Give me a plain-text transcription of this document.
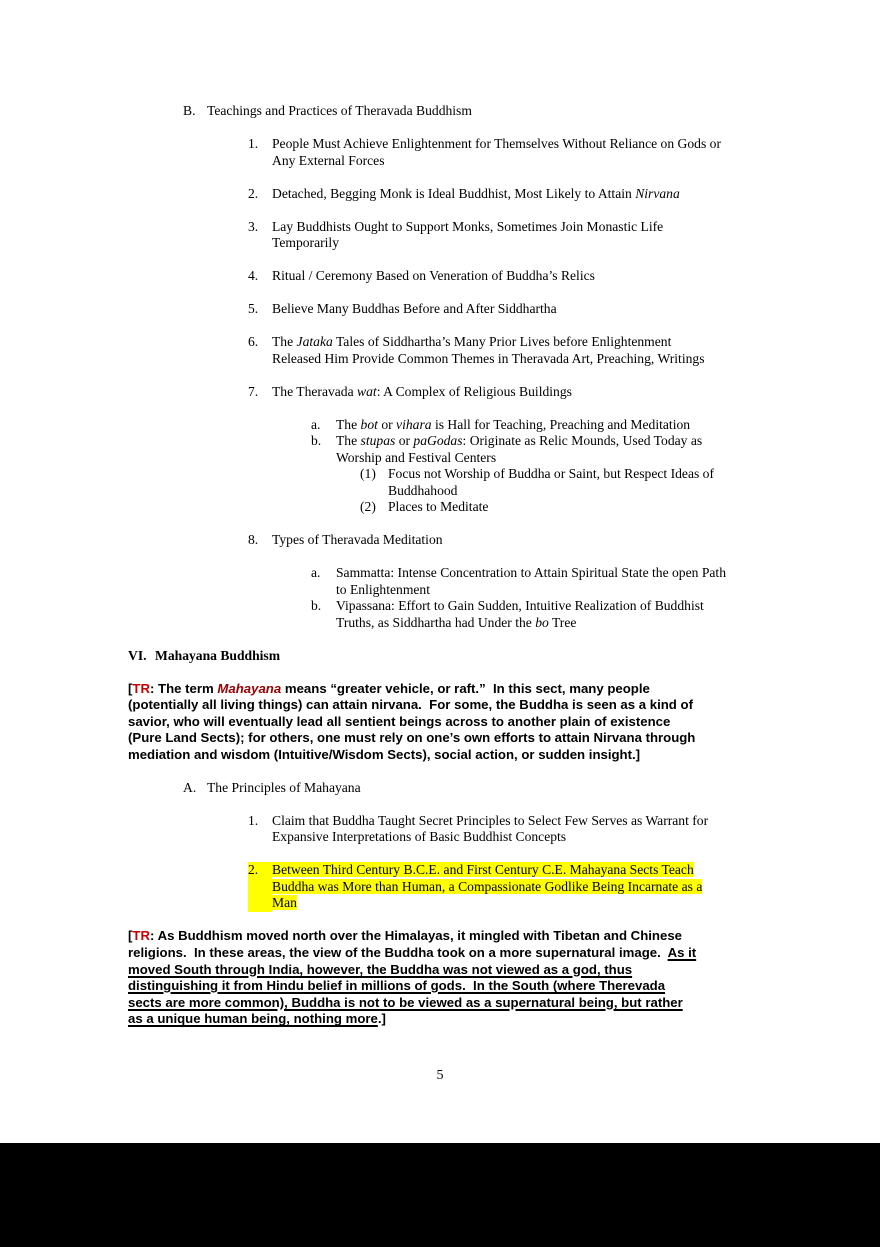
B. Teachings and Practices of Theravada Buddhism
1.	People Must Achieve Enlightenment for Themselves Without Reliance on Gods or
Any External Forces
2.	Detached, Begging Monk is Ideal Buddhist, Most Likely to Attain Nirvana
3.	Lay Buddhists Ought to Support Monks, Sometimes Join Monastic Life
Temporarily
4.	Ritual / Ceremony Based on Veneration of Buddha’s Relics
5.	Believe Many Buddhas Before and After Siddhartha
6.	The Jataka Tales of Siddhartha’s Many Prior Lives before Enlightenment
Released Him Provide Common Themes in Theravada Art, Preaching, Writings
7.	The Theravada wat: A Complex of Religious Buildings
a.	The bot or vihara is Hall for Teaching, Preaching and Meditation
b.	The stupas or paGodas: Originate as Relic Mounds, Used Today as
Worship and Festival Centers
(1) Focus not Worship of Buddha or Saint, but Respect Ideas of
Buddhahood
(2) Places to Meditate
8.	Types of Theravada Meditation
a.	Sammatta: Intense Concentration to Attain Spiritual State the open Path
to Enlightenment
b.	Vipassana: Effort to Gain Sudden, Intuitive Realization of Buddhist
Truths, as Siddhartha had Under the bo Tree
VI. Mahayana Buddhism
[TR: The term Mahayana means “greater vehicle, or raft.”  In this sect, many people
(potentially all living things) can attain nirvana.  For some, the Buddha is seen as a kind of
savior, who will eventually lead all sentient beings across to another plain of existence
(Pure Land Sects); for others, one must rely on one’s own efforts to attain Nirvana through
mediation and wisdom (Intuitive/Wisdom Sects), social action, or sudden insight.]
A. The Principles of Mahayana
1.	Claim that Buddha Taught Secret Principles to Select Few Serves as Warrant for
Expansive Interpretations of Basic Buddhist Concepts
2.	Between Third Century B.C.E. and First Century C.E. Mahayana Sects Teach
Buddha was More than Human, a Compassionate Godlike Being Incarnate as a
Man
[TR: As Buddhism moved north over the Himalayas, it mingled with Tibetan and Chinese
religions.  In these areas, the view of the Buddha took on a more supernatural image.  As it
moved South through India, however, the Buddha was not viewed as a god, thus
distinguishing it from Hindu belief in millions of gods.  In the South (where Therevada
sects are more common), Buddha is not to be viewed as a supernatural being, but rather
as a unique human being, nothing more.]
5
